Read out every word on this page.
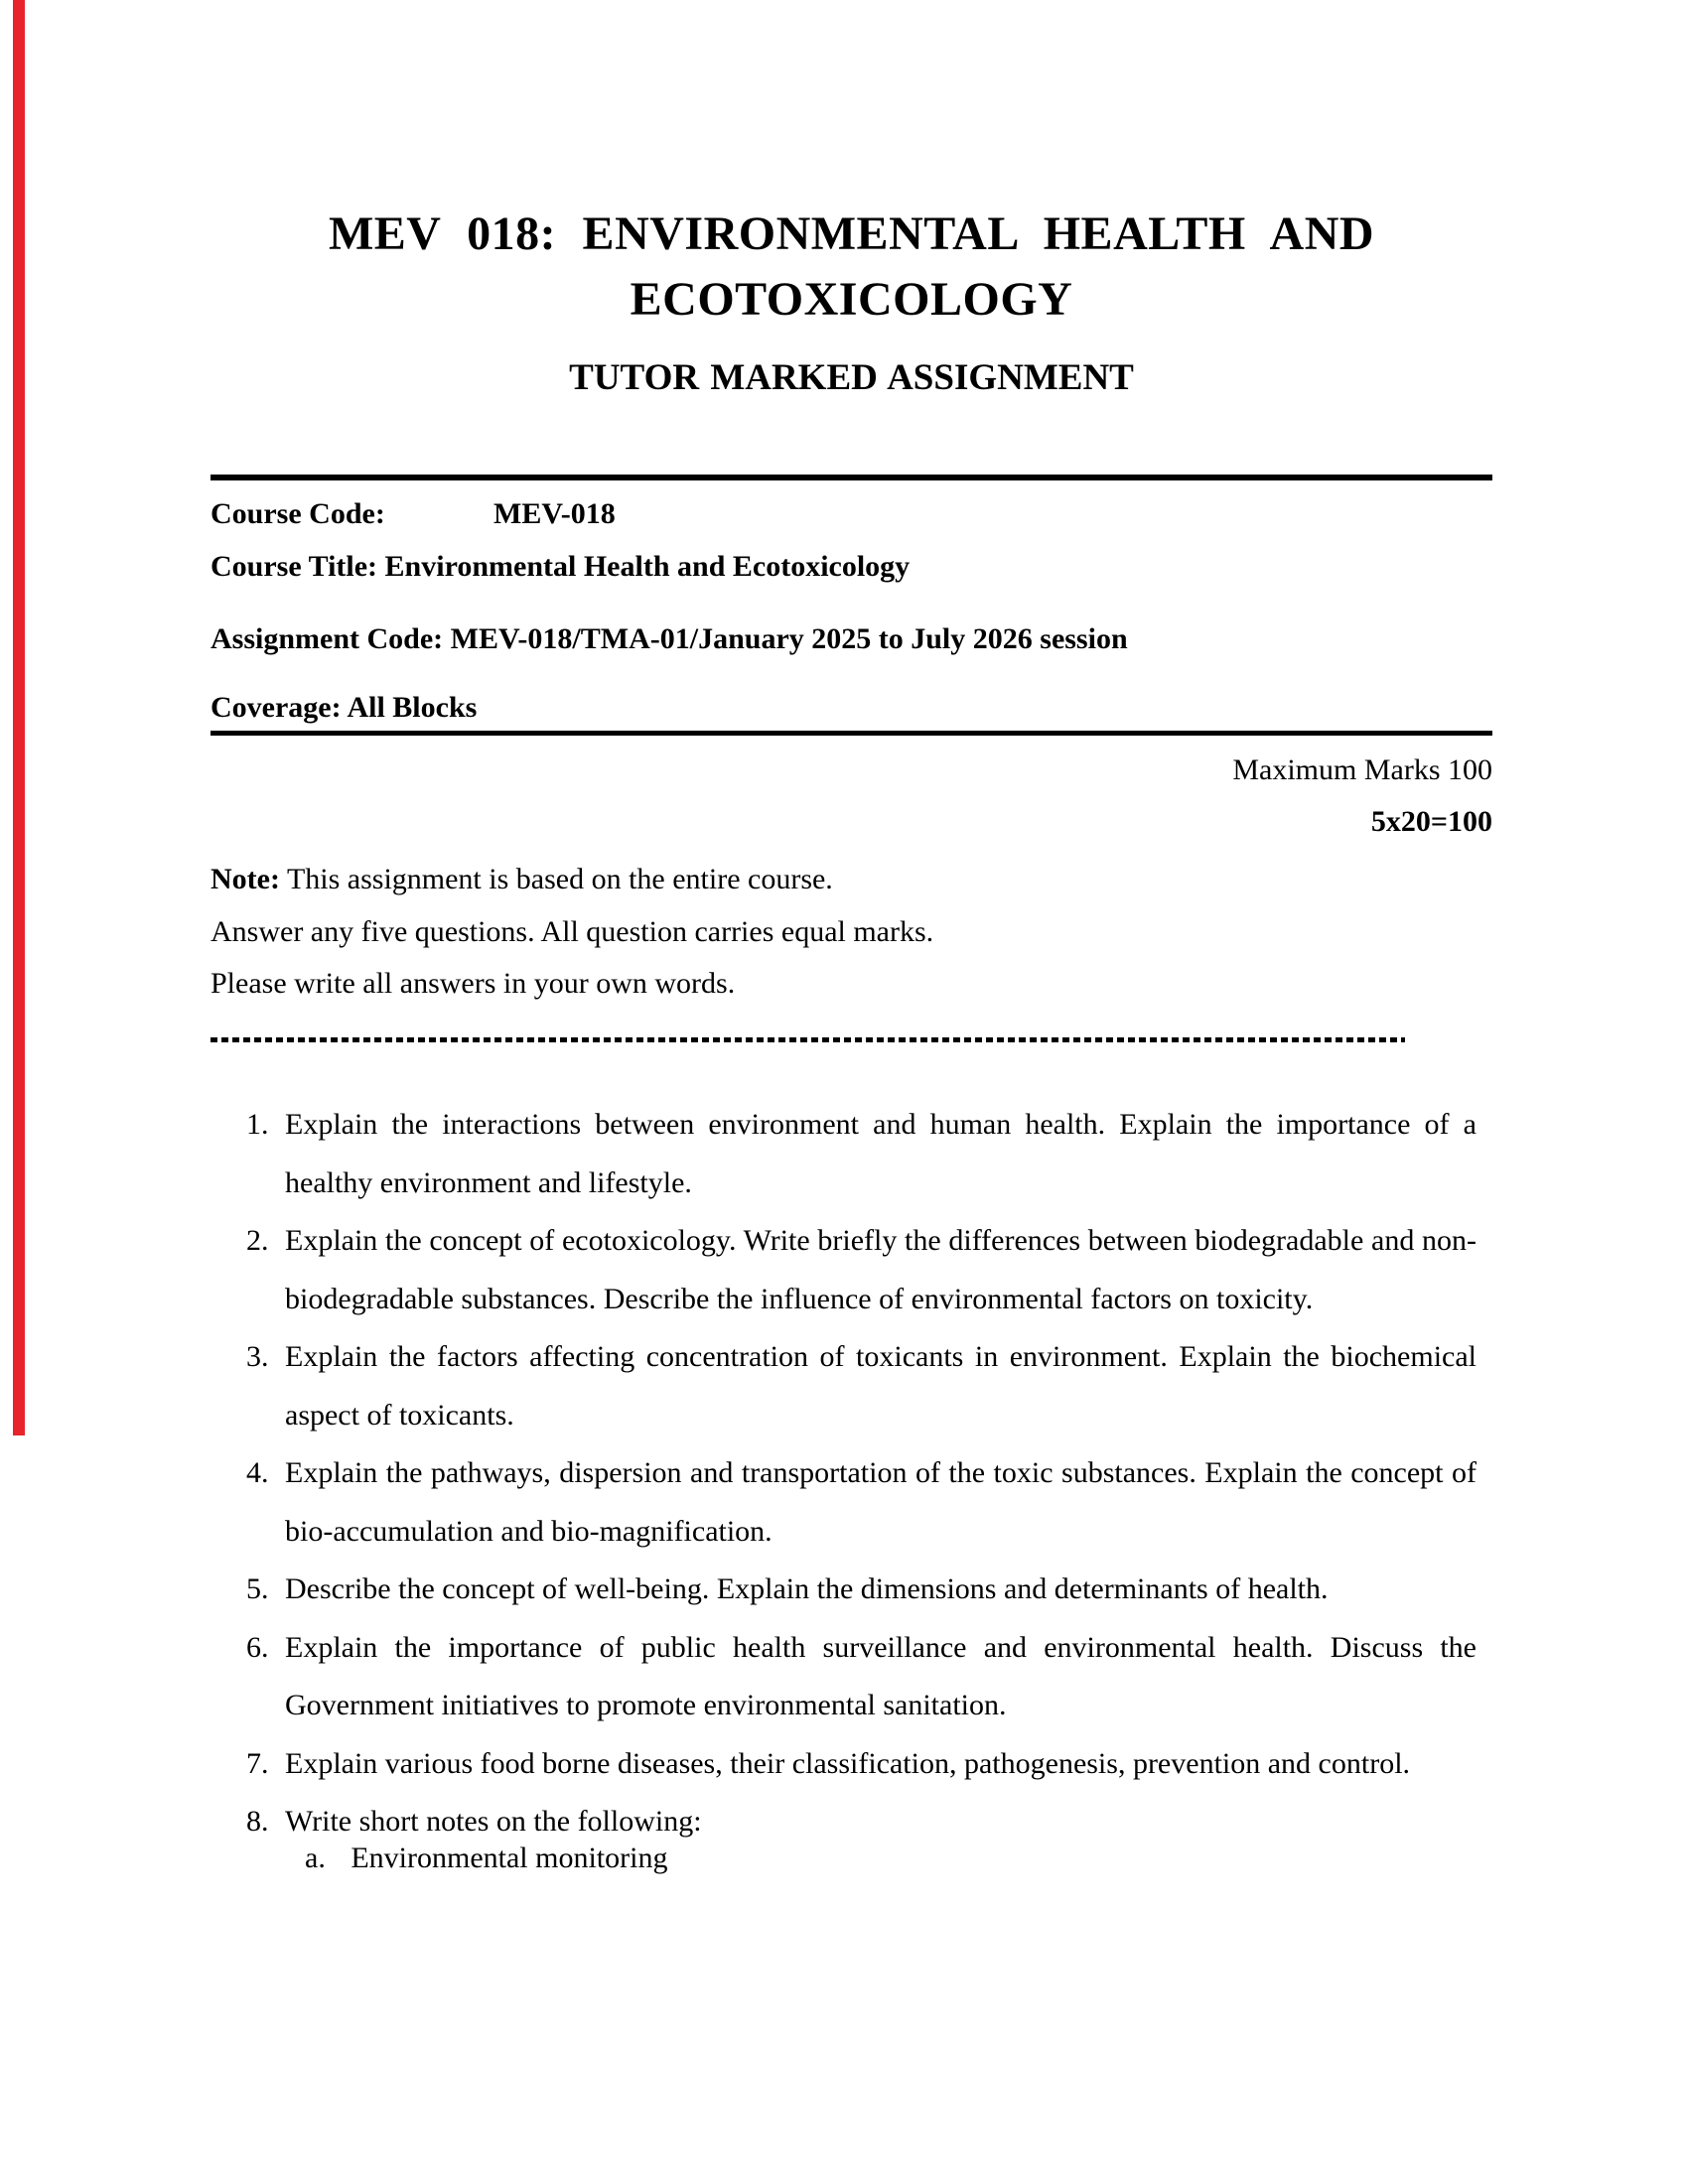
MEV 018: ENVIRONMENTAL HEALTH AND
ECOTOXICOLOGY
TUTOR MARKED ASSIGNMENT
Course Code:	MEV-018
Course Title: Environmental Health and Ecotoxicology
Assignment Code: MEV-018/TMA-01/January 2025 to July 2026 session
Coverage: All Blocks
Maximum Marks 100
5x20=100
Note: This assignment is based on the entire course.
Answer any five questions. All question carries equal marks.
Please write all answers in your own words.
1. Explain the interactions between environment and human health. Explain the importance of a healthy environment and lifestyle.
2. Explain the concept of ecotoxicology. Write briefly the differences between biodegradable and non-biodegradable substances. Describe the influence of environmental factors on toxicity.
3. Explain the factors affecting concentration of toxicants in environment. Explain the biochemical aspect of toxicants.
4. Explain the pathways, dispersion and transportation of the toxic substances. Explain the concept of bio-accumulation and bio-magnification.
5. Describe the concept of well-being. Explain the dimensions and determinants of health.
6. Explain the importance of public health surveillance and environmental health. Discuss the Government initiatives to promote environmental sanitation.
7. Explain various food borne diseases, their classification, pathogenesis, prevention and control.
8. Write short notes on the following:
a. Environmental monitoring
